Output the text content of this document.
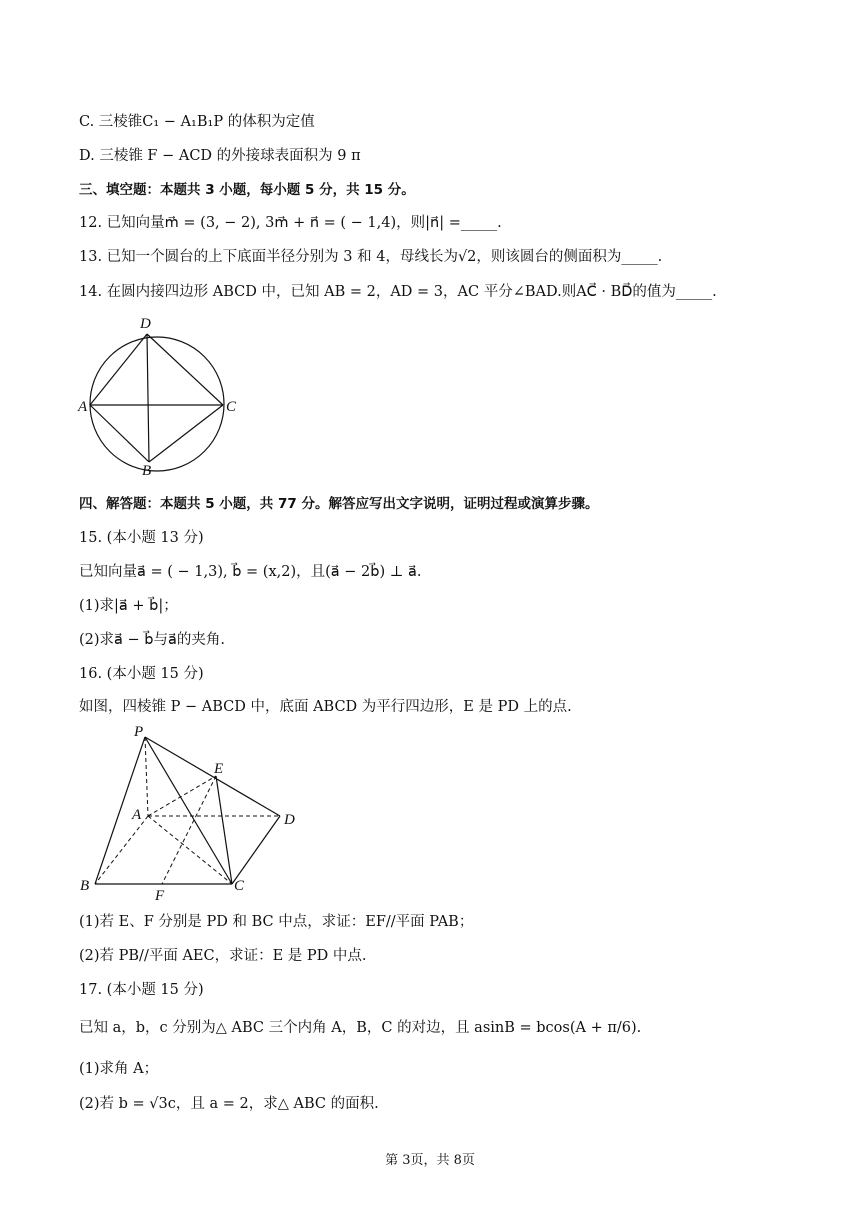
C. 三棱锥C₁ − A₁B₁P 的体积为定值
D. 三棱锥 F − ACD 的外接球表面积为 9 π
三、填空题：本题共 3 小题，每小题 5 分，共 15 分。
12. 已知向量m⃗ = (3, − 2), 3m⃗ + n⃗ = ( − 1,4)，则|n⃗| =_____.
13. 已知一个圆台的上下底面半径分别为 3 和 4，母线长为√2，则该圆台的侧面积为_____.
14. 在圆内接四边形 ABCD 中，已知 AB = 2，AD = 3，AC 平分∠BAD.则AC⃗ · BD⃗的值为_____.
D
A	C
B
四、解答题：本题共 5 小题，共 77 分。解答应写出文字说明，证明过程或演算步骤。
15. (本小题 13 分)
已知向量a⃗ = ( − 1,3), b⃗ = (x,2)，且(a⃗ − 2b⃗) ⊥ a⃗.
(1)求|a⃗ + b⃗|；
(2)求a⃗ − b⃗与a⃗的夹角.
16. (本小题 15 分)
如图，四棱锥 P − ABCD 中，底面 ABCD 为平行四边形，E 是 PD 上的点.
P
E
A	D
B
F
C
(1)若 E、F 分别是 PD 和 BC 中点，求证：EF//平面 PAB；
(2)若 PB//平面 AEC，求证：E 是 PD 中点.
17. (本小题 15 分)
已知 a，b，c 分别为△ ABC 三个内角 A，B，C 的对边，且 asinB = bcos(A + π/6).
(1)求角 A；
(2)若 b = √3c，且 a = 2，求△ ABC 的面积.
第 3页，共 8页
